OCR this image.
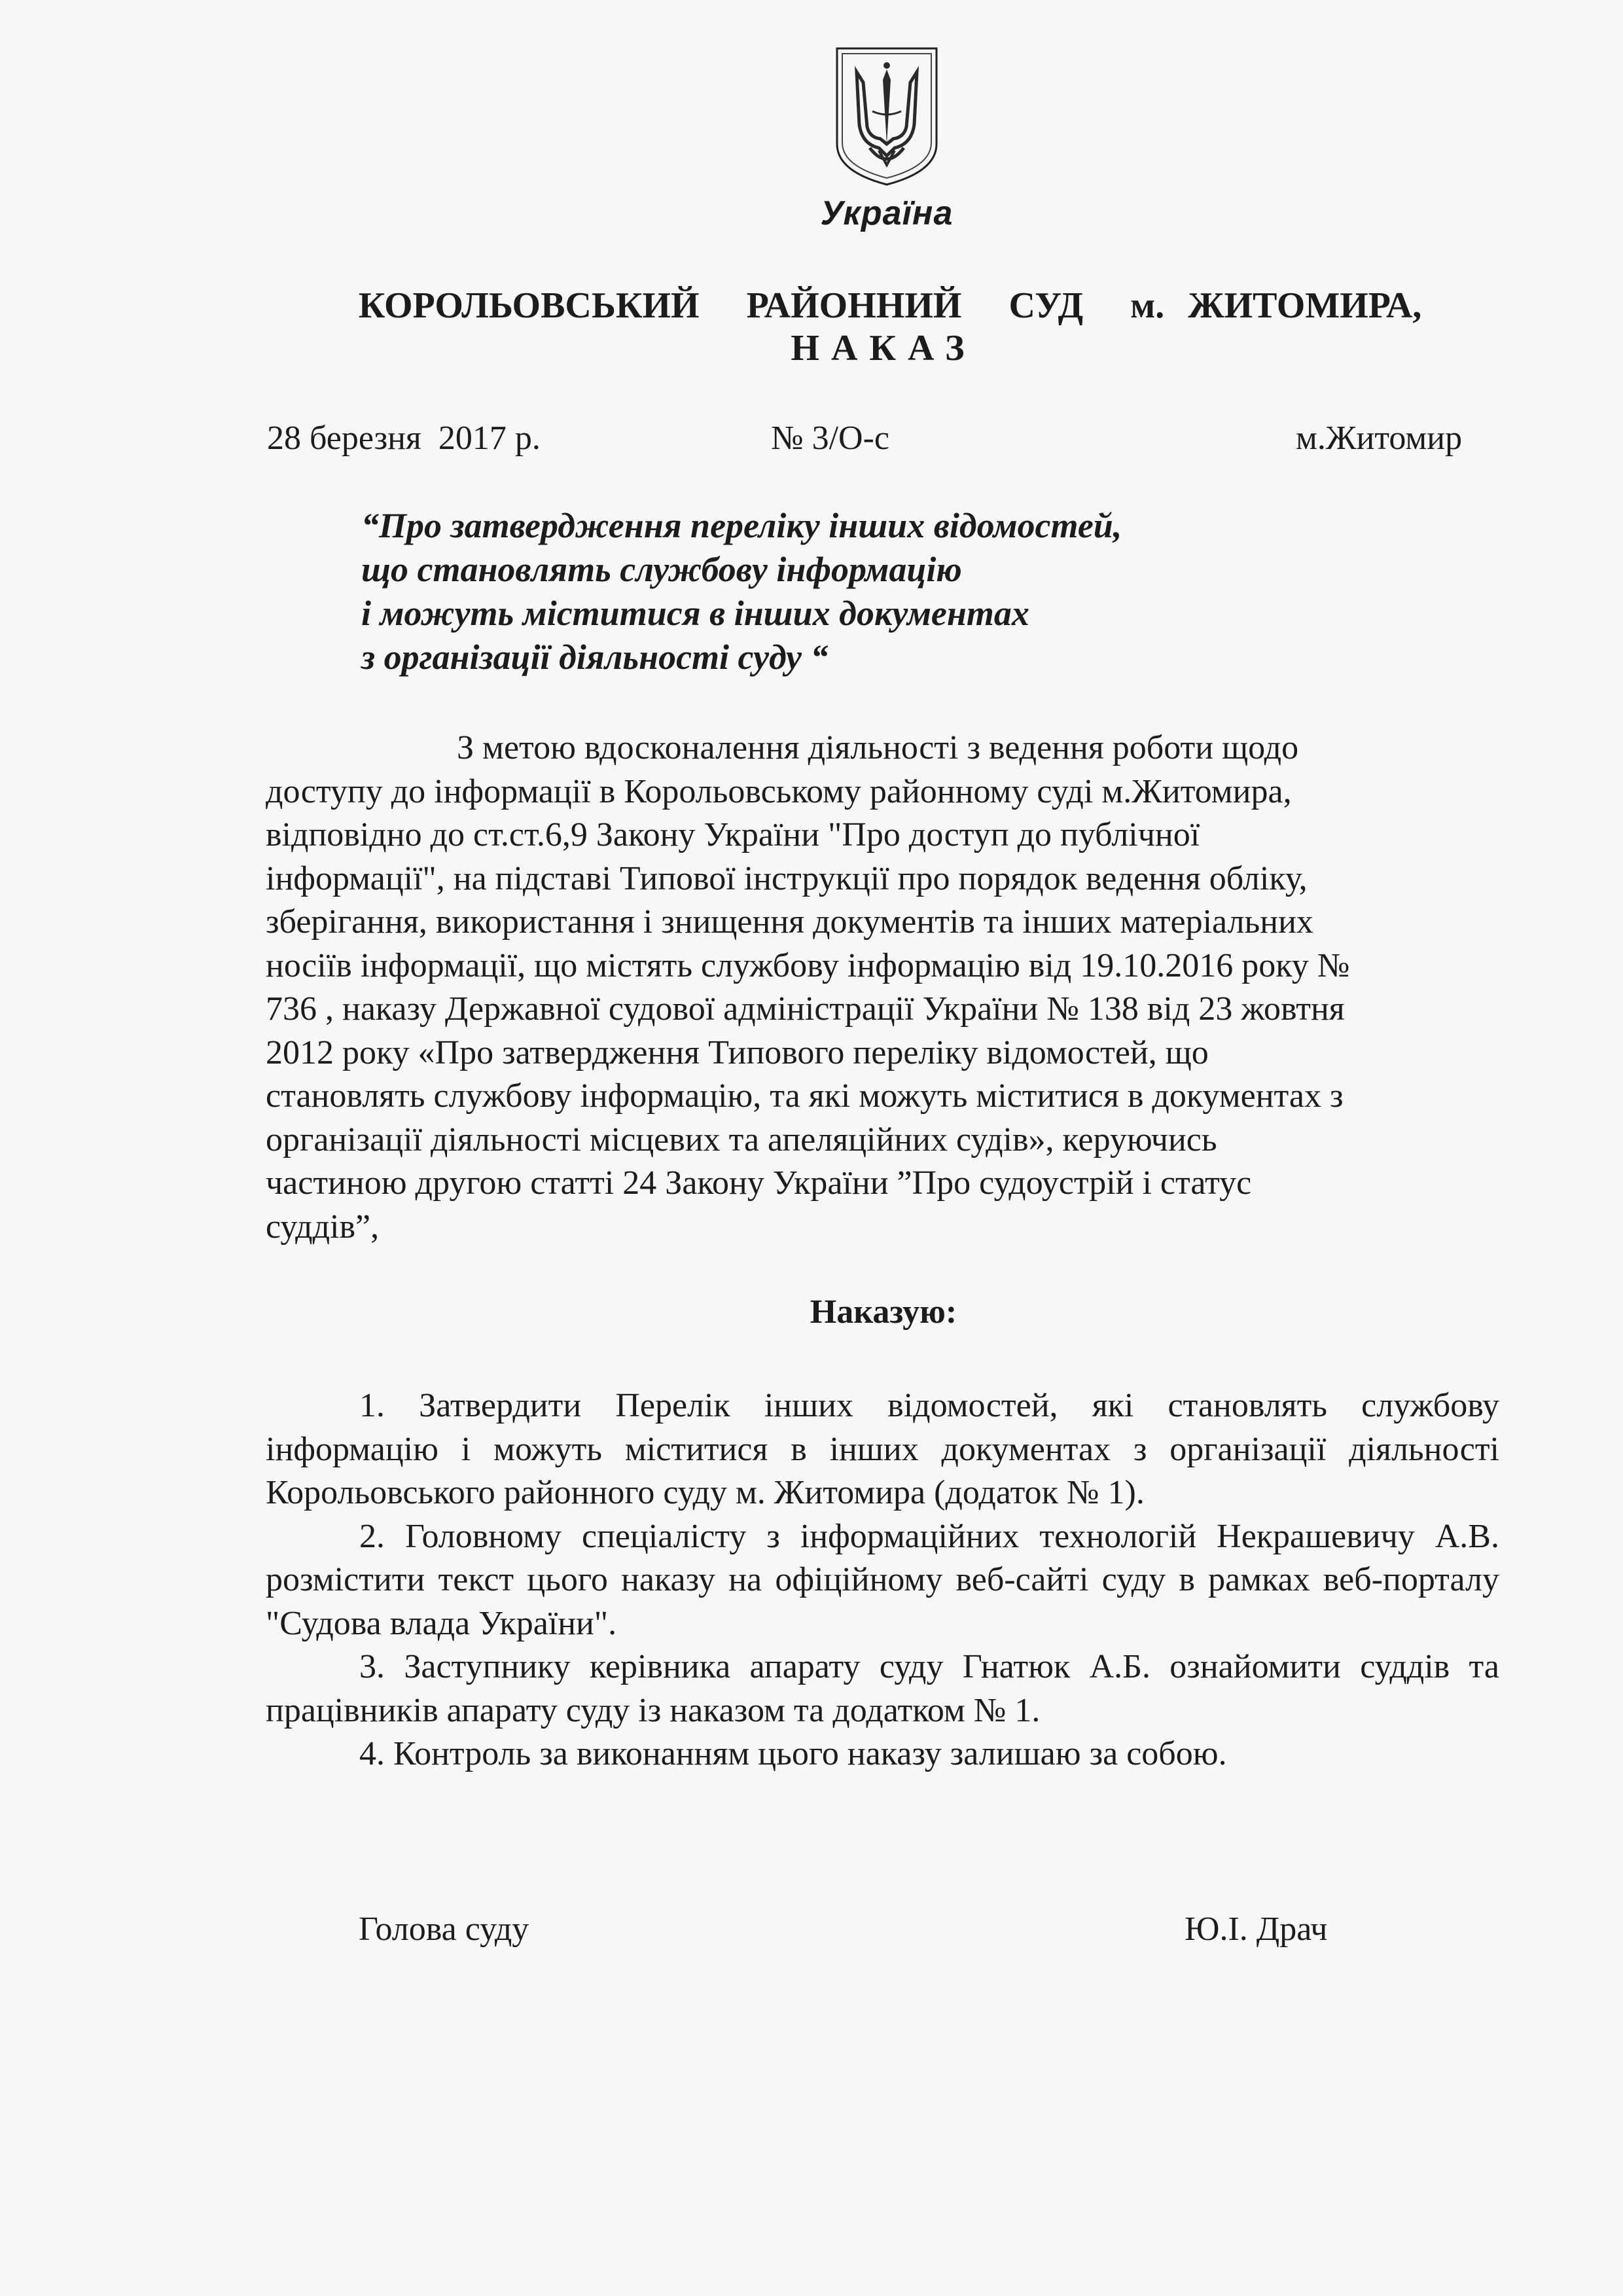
Україна
КОРОЛЬОВСЬКИЙ  РАЙОННИЙ  СУД  м. ЖИТОМИРА,
НАКАЗ
28 березня  2017 р.	№ 3/О-с	м.Житомир
“Про затвердження переліку інших відомостей,
що становлять службову інформацію
і можуть міститися в інших документах
з організації діяльності суду “
З метою вдосконалення діяльності з ведення роботи щодо
доступу до інформації в Корольовському районному суді м.Житомира,
відповідно до ст.ст.6,9 Закону України "Про доступ до публічної
інформації", на підставі Типової інструкції про порядок ведення обліку,
зберігання, використання і знищення документів та інших матеріальних
носіїв інформації, що містять службову інформацію від 19.10.2016 року №
736 , наказу Державної судової адміністрації України № 138 від 23 жовтня
2012 року «Про затвердження Типового переліку відомостей, що
становлять службову інформацію, та які можуть міститися в документах з
організації діяльності місцевих та апеляційних судів», керуючись
частиною другою статті 24 Закону України ”Про судоустрій і статус
суддів”,
Наказую:

1. Затвердити Перелік інших відомостей, які становлять службову інформацію і можуть міститися в інших документах з організації діяльності Корольовського районного суду м. Житомира (додаток № 1).

2. Головному спеціалісту з інформаційних технологій Некрашевичу А.В. розмістити текст цього наказу на офіційному веб-сайті суду в рамках веб-порталу "Судова влада України".

3. Заступнику керівника апарату суду Гнатюк А.Б. ознайомити суддів та працівників апарату суду із наказом та додатком № 1.

4. Контроль за виконанням цього наказу залишаю за собою.

Голова суду	Ю.І. Драч
